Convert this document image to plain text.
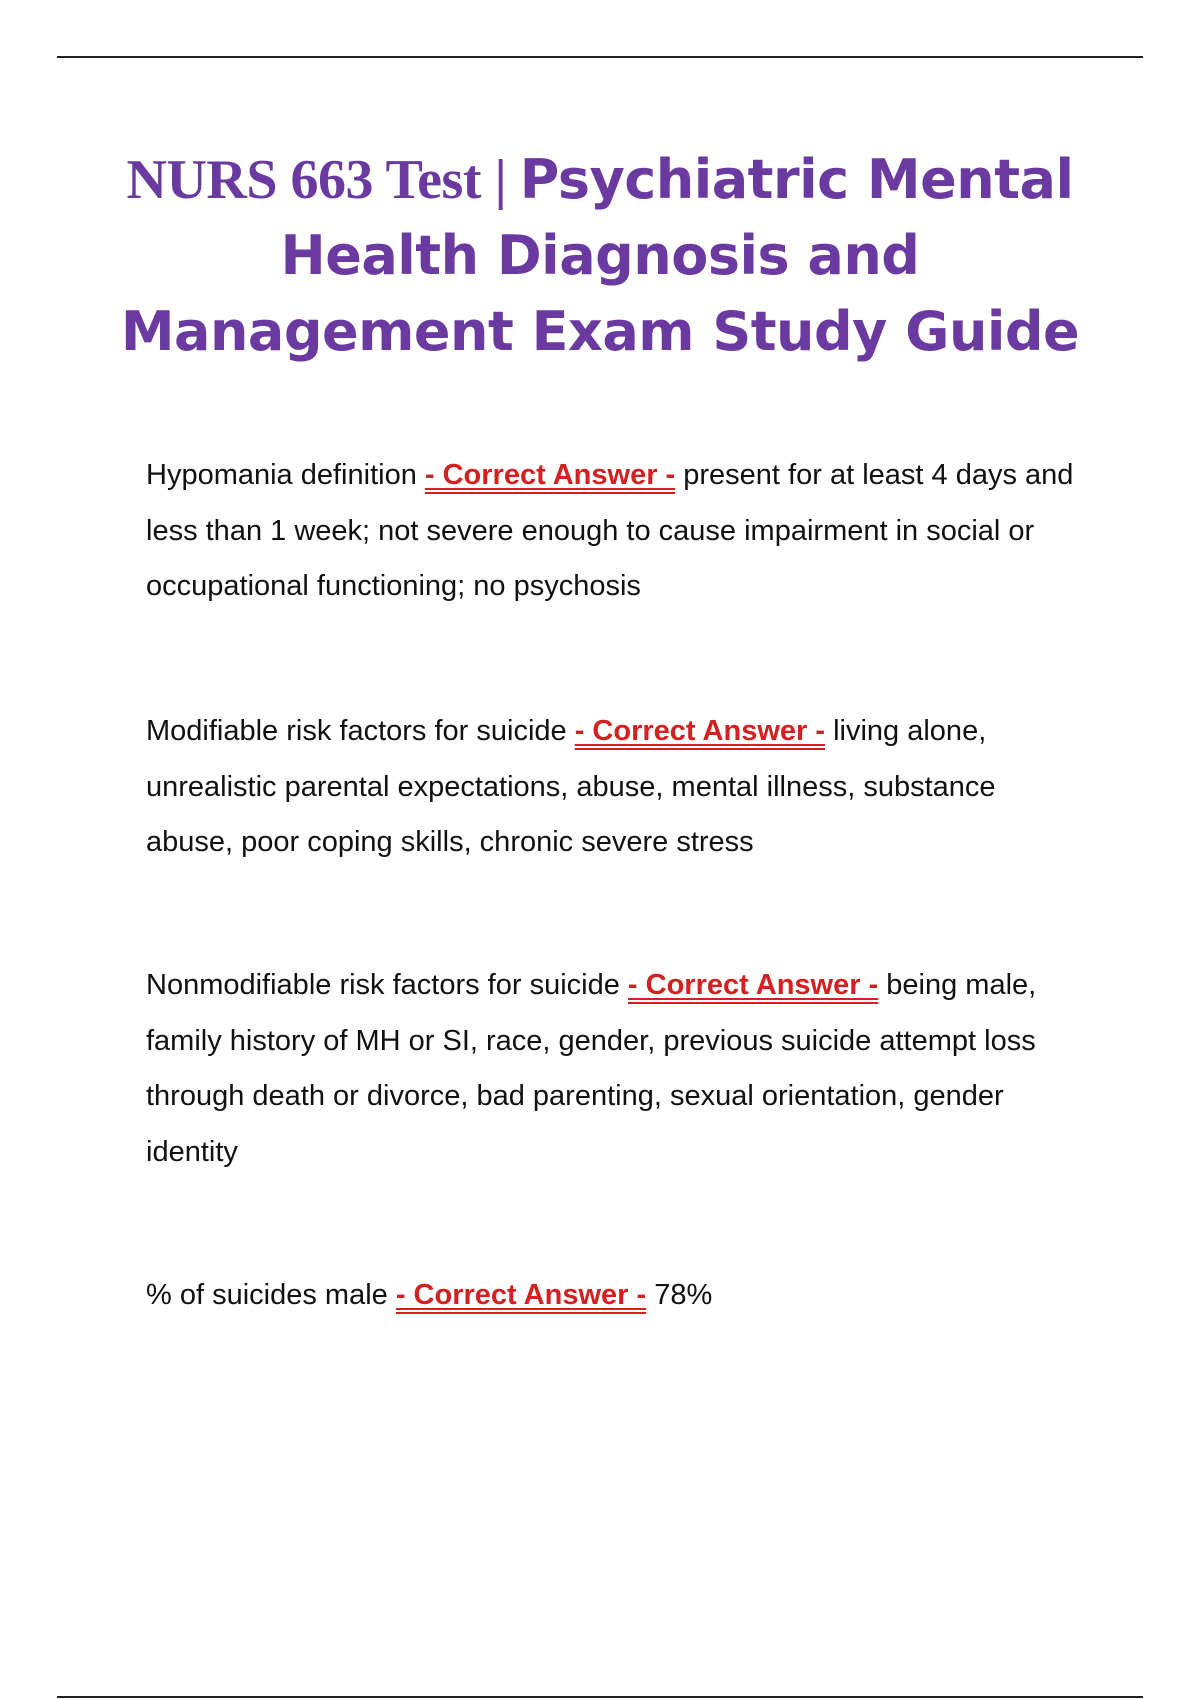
NURS 663 Test | Psychiatric Mental Health Diagnosis and Management Exam Study Guide
Hypomania definition - Correct Answer - present for at least 4 days and less than 1 week; not severe enough to cause impairment in social or occupational functioning; no psychosis
Modifiable risk factors for suicide - Correct Answer - living alone, unrealistic parental expectations, abuse, mental illness, substance abuse, poor coping skills, chronic severe stress
Nonmodifiable risk factors for suicide - Correct Answer - being male, family history of MH or SI, race, gender, previous suicide attempt loss through death or divorce, bad parenting, sexual orientation, gender identity
% of suicides male - Correct Answer - 78%
